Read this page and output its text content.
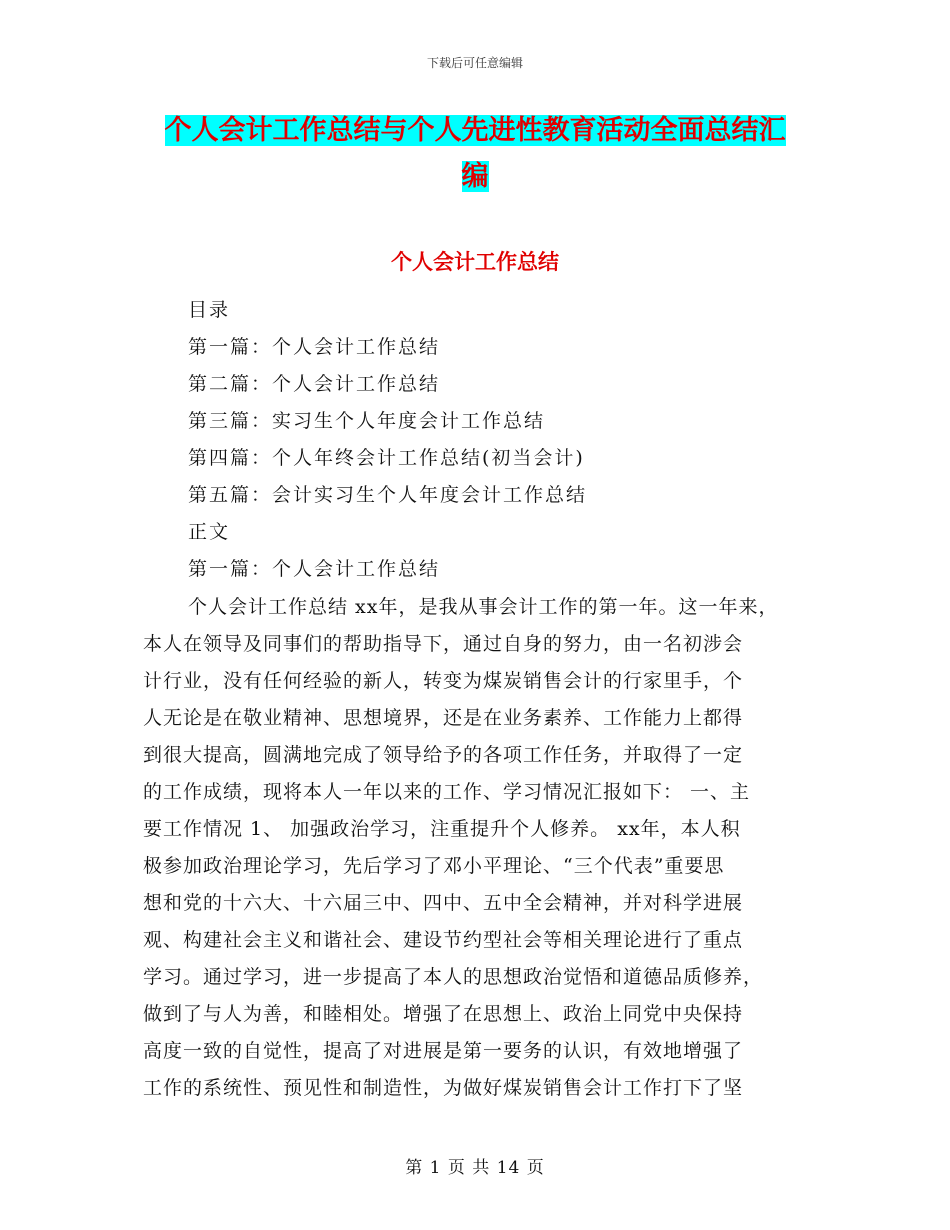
下载后可任意编辑
个人会计工作总结与个人先进性教育活动全面总结汇
编
个人会计工作总结
目录
第一篇：个人会计工作总结
第二篇：个人会计工作总结
第三篇：实习生个人年度会计工作总结
第四篇：个人年终会计工作总结(初当会计)
第五篇：会计实习生个人年度会计工作总结
正文
第一篇：个人会计工作总结
个人会计工作总结 xx年，是我从事会计工作的第一年。这一年来，
本人在领导及同事们的帮助指导下，通过自身的努力，由一名初涉会
计行业，没有任何经验的新人，转变为煤炭销售会计的行家里手，个
人无论是在敬业精神、思想境界，还是在业务素养、工作能力上都得
到很大提高，圆满地完成了领导给予的各项工作任务，并取得了一定
的工作成绩，现将本人一年以来的工作、学习情况汇报如下： 一、主
要工作情况 1、 加强政治学习，注重提升个人修养。 xx年，本人积
极参加政治理论学习，先后学习了邓小平理论、“三个代表”重要思
想和党的十六大、十六届三中、四中、五中全会精神，并对科学进展
观、构建社会主义和谐社会、建设节约型社会等相关理论进行了重点
学习。通过学习，进一步提高了本人的思想政治觉悟和道德品质修养，
做到了与人为善，和睦相处。增强了在思想上、政治上同党中央保持
高度一致的自觉性，提高了对进展是第一要务的认识，有效地增强了
工作的系统性、预见性和制造性，为做好煤炭销售会计工作打下了坚
第 1 页 共 14 页
